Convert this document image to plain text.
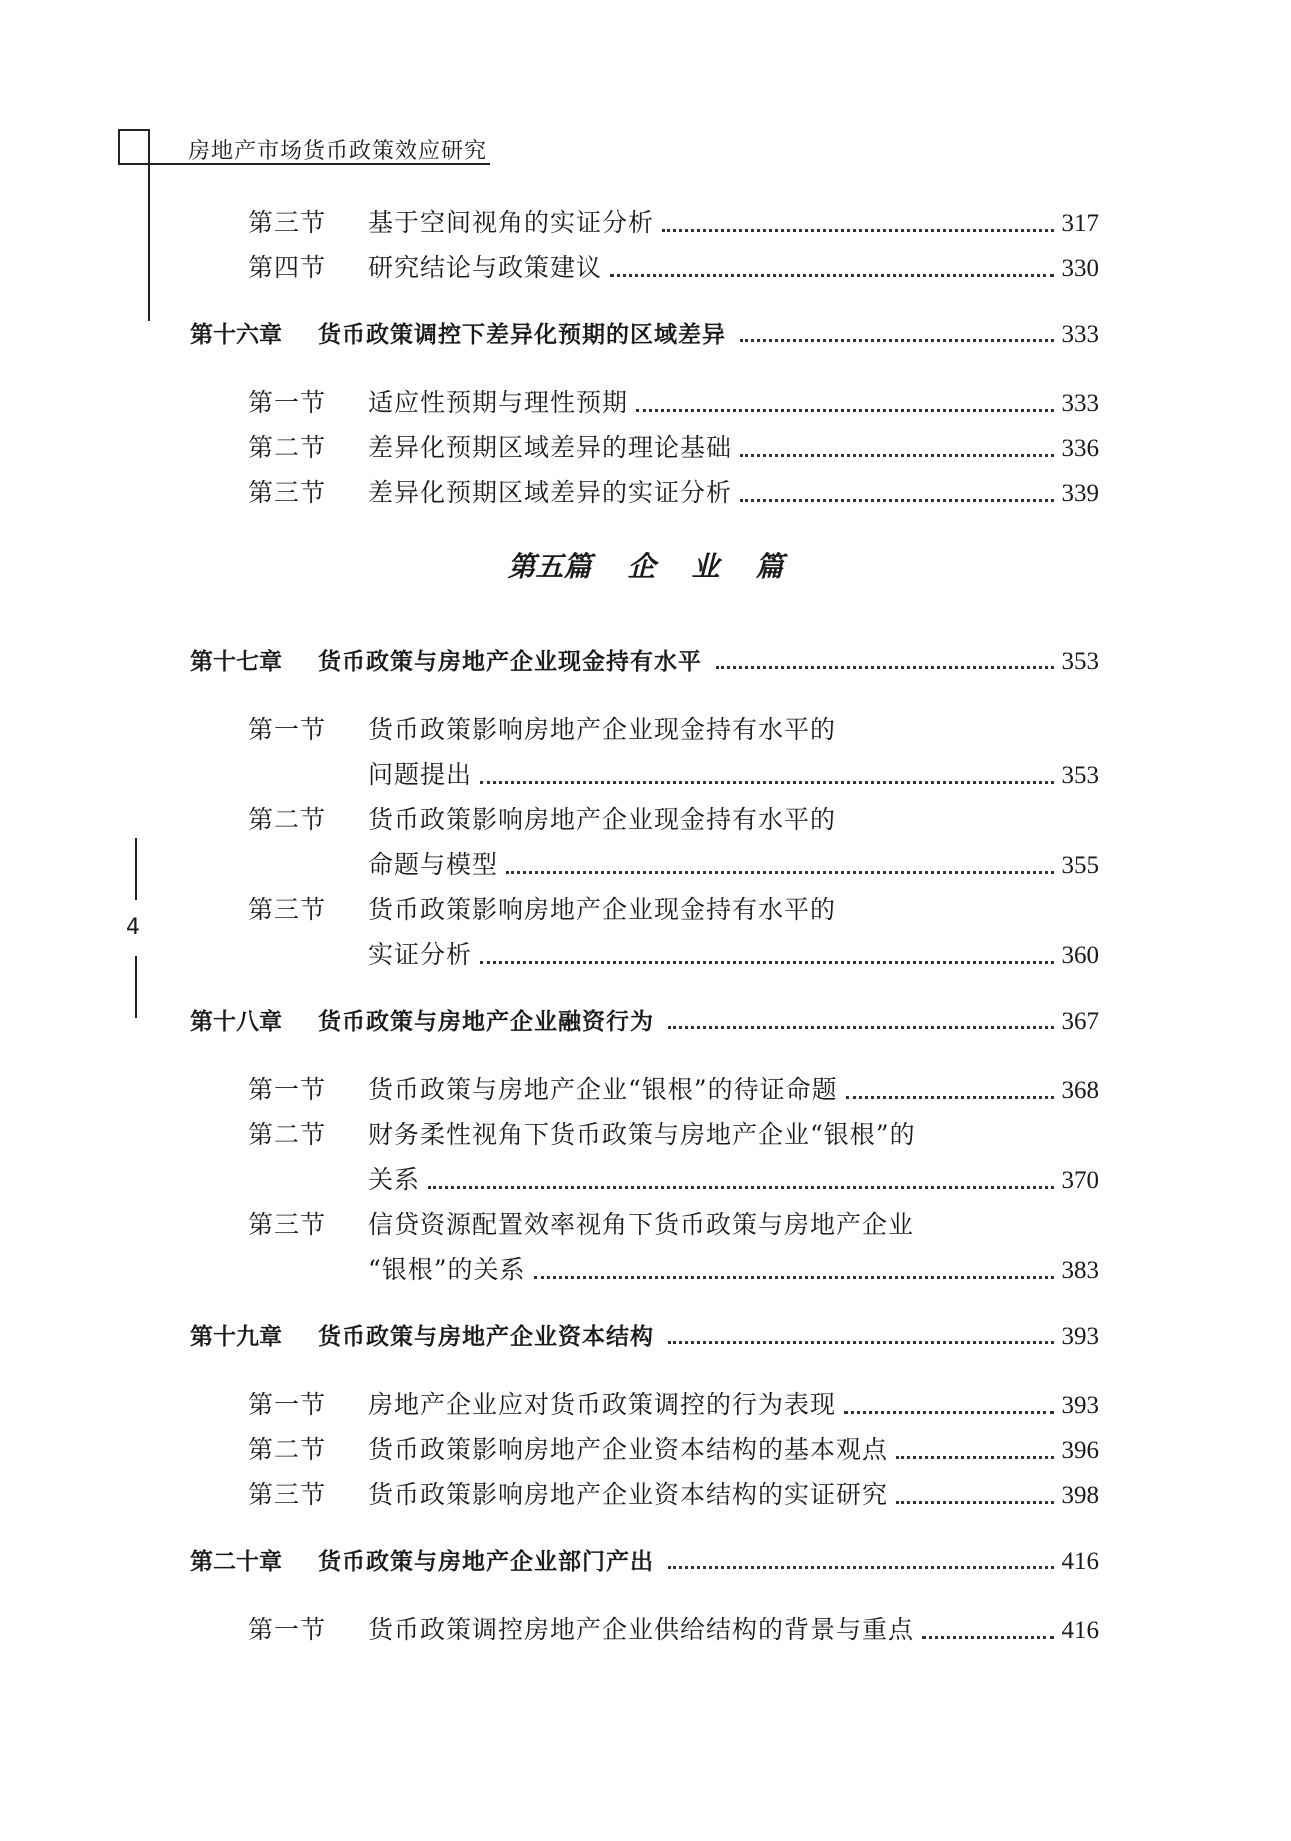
房地产市场货币政策效应研究
4
第三节	基于空间视角的实证分析	317
第四节	研究结论与政策建议	330
第十六章	货币政策调控下差异化预期的区域差异	333
第一节	适应性预期与理性预期	333
第二节	差异化预期区域差异的理论基础	336
第三节	差异化预期区域差异的实证分析	339
第五篇 企 业 篇
第十七章	货币政策与房地产企业现金持有水平	353
第一节	货币政策影响房地产企业现金持有水平的
问题提出	353
第二节	货币政策影响房地产企业现金持有水平的
命题与模型	355
第三节	货币政策影响房地产企业现金持有水平的
实证分析	360
第十八章	货币政策与房地产企业融资行为	367
第一节	货币政策与房地产企业“银根”的待证命题	368
第二节	财务柔性视角下货币政策与房地产企业“银根”的
关系	370
第三节	信贷资源配置效率视角下货币政策与房地产企业
“银根”的关系	383
第十九章	货币政策与房地产企业资本结构	393
第一节	房地产企业应对货币政策调控的行为表现	393
第二节	货币政策影响房地产企业资本结构的基本观点	396
第三节	货币政策影响房地产企业资本结构的实证研究	398
第二十章	货币政策与房地产企业部门产出	416
第一节	货币政策调控房地产企业供给结构的背景与重点	416
